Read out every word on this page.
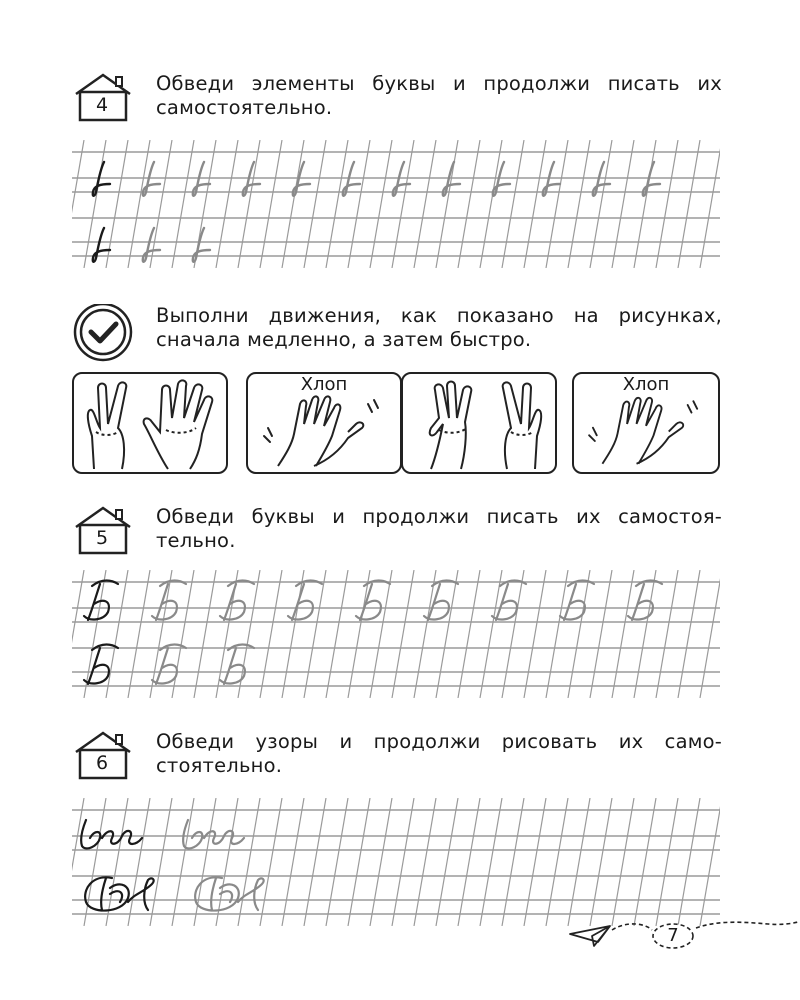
4
Обведи элементы буквы и продолжи писать их самостоятельно.
Выполни движения, как показано на рисунках, сначала медленно, а затем быстро.
Хлоп	Хлоп
5
Обведи буквы и продолжи писать их самостоя-тельно.
6
Обведи узоры и продолжи рисовать их само-стоятельно.
7
